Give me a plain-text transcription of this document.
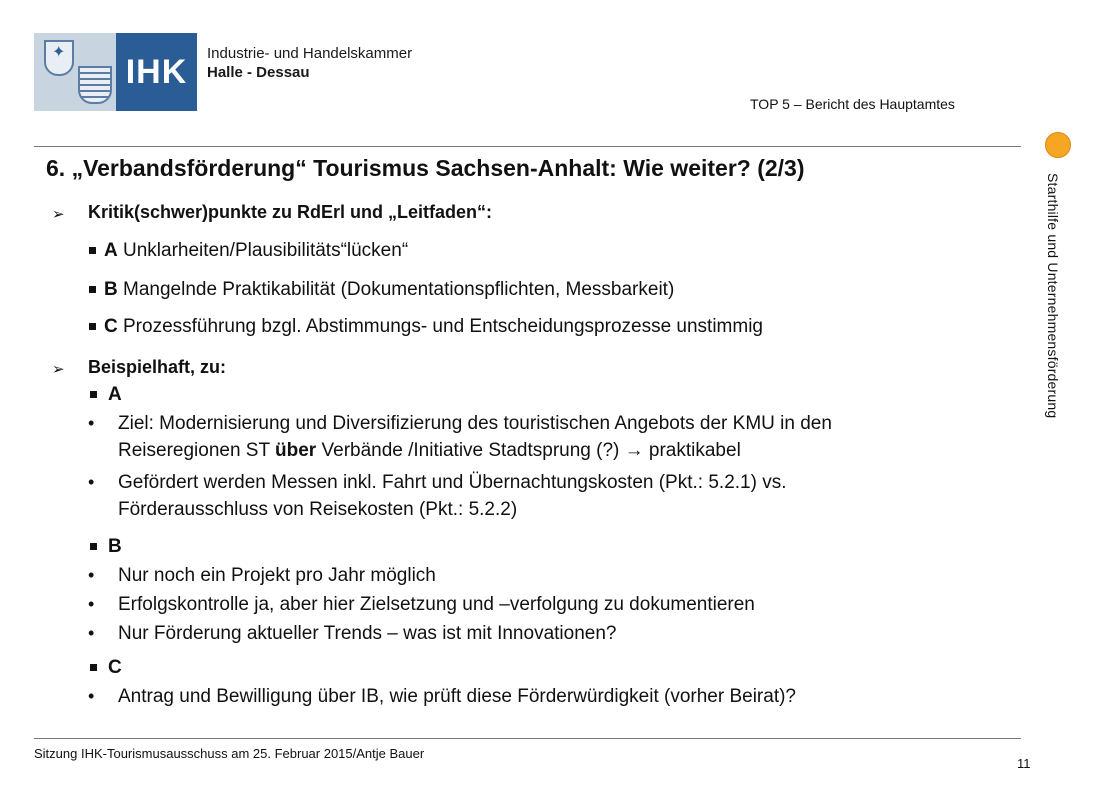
✦
IHK	Industrie- und Handelskammer
Halle - Dessau
TOP 5 – Bericht des Hauptamtes
Starthilfe und Unternehmensförderung
6. „Verbandsförderung“ Tourismus Sachsen-Anhalt: Wie weiter? (2/3)
➢ Kritik(schwer)punkte zu RdErl und „Leitfaden“:
A Unklarheiten/Plausibilitäts“lücken“
B Mangelnde Praktikabilität (Dokumentationspflichten, Messbarkeit)
C Prozessführung bzgl. Abstimmungs- und Entscheidungsprozesse unstimmig
➢ Beispielhaft, zu:
A
• Ziel: Modernisierung und Diversifizierung des touristischen Angebots der KMU in den
Reiseregionen ST über Verbände /Initiative Stadtsprung (?) → praktikabel
• Gefördert werden Messen inkl. Fahrt und Übernachtungskosten (Pkt.: 5.2.1) vs.
Förderausschluss von Reisekosten (Pkt.: 5.2.2)
B
• Nur noch ein Projekt pro Jahr möglich
• Erfolgskontrolle ja, aber hier Zielsetzung und –verfolgung zu dokumentieren
• Nur Förderung aktueller Trends – was ist mit Innovationen?
C
• Antrag und Bewilligung über IB, wie prüft diese Förderwürdigkeit (vorher Beirat)?
Sitzung IHK-Tourismusausschuss am 25. Februar 2015/Antje Bauer
11
